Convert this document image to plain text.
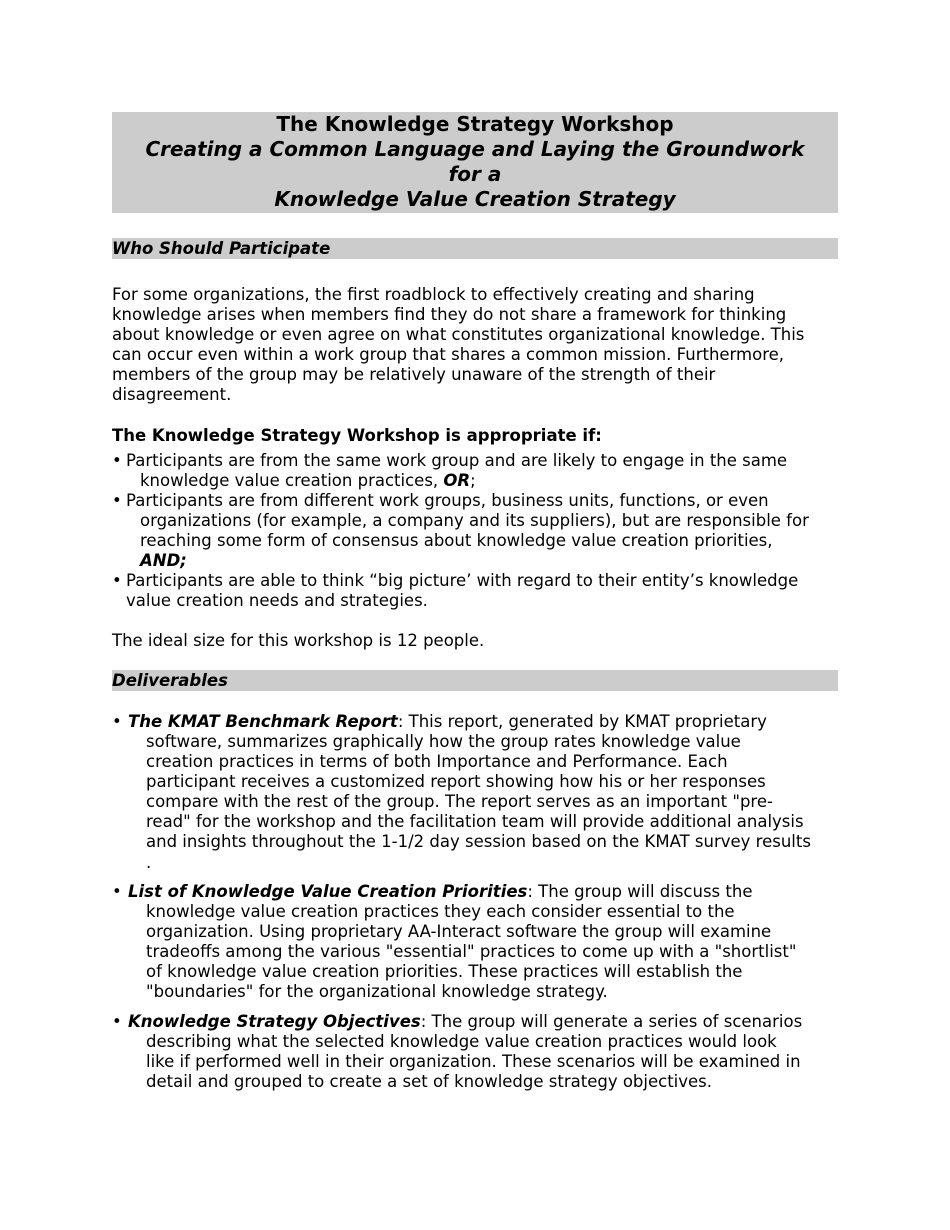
The Knowledge Strategy Workshop
Creating a Common Language and Laying the Groundwork
for a
Knowledge Value Creation Strategy
Who Should Participate
For some organizations, the first roadblock to effectively creating and sharing
knowledge arises when members find they do not share a framework for thinking
about knowledge or even agree on what constitutes organizational knowledge. This
can occur even within a work group that shares a common mission. Furthermore,
members of the group may be relatively unaware of the strength of their
disagreement.
The Knowledge Strategy Workshop is appropriate if:
• Participants are from the same work group and are likely to engage in the same
knowledge value creation practices, OR;
• Participants are from different work groups, business units, functions, or even
organizations (for example, a company and its suppliers), but are responsible for
reaching some form of consensus about knowledge value creation priorities,
AND;
• Participants are able to think “big picture’ with regard to their entity’s knowledge
value creation needs and strategies.
The ideal size for this workshop is 12 people.
Deliverables
• The KMAT Benchmark Report: This report, generated by KMAT proprietary
software, summarizes graphically how the group rates knowledge value
creation practices in terms of both Importance and Performance. Each
participant receives a customized report showing how his or her responses
compare with the rest of the group. The report serves as an important "pre-
read" for the workshop and the facilitation team will provide additional analysis
and insights throughout the 1-1/2 day session based on the KMAT survey results
.
• List of Knowledge Value Creation Priorities: The group will discuss the
knowledge value creation practices they each consider essential to the
organization. Using proprietary AA-Interact software the group will examine
tradeoffs among the various "essential" practices to come up with a "shortlist"
of knowledge value creation priorities. These practices will establish the
"boundaries" for the organizational knowledge strategy.
• Knowledge Strategy Objectives: The group will generate a series of scenarios
describing what the selected knowledge value creation practices would look
like if performed well in their organization. These scenarios will be examined in
detail and grouped to create a set of knowledge strategy objectives.
